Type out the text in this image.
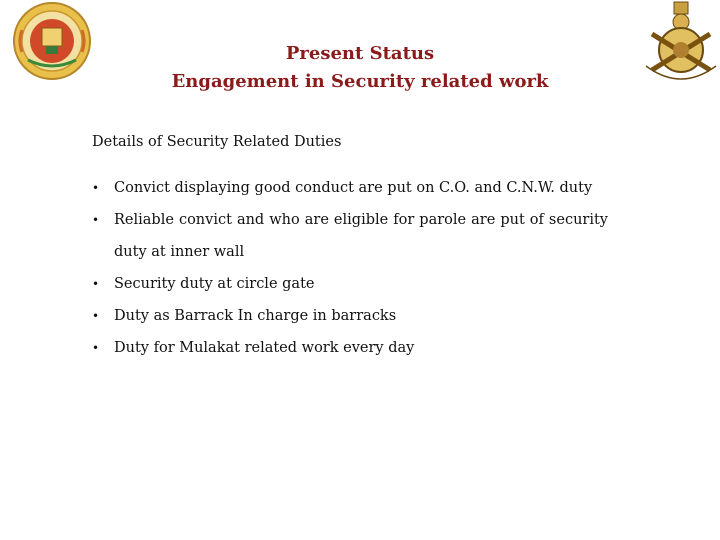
Present Status
Engagement in Security related work

Details of Security Related Duties

• Convict displaying good conduct are put on C.O. and C.N.W. duty
• Reliable convict and who are eligible for parole are put of security duty at inner wall
• Security duty at circle gate
• Duty as Barrack In charge in barracks
• Duty for Mulakat related work every day
